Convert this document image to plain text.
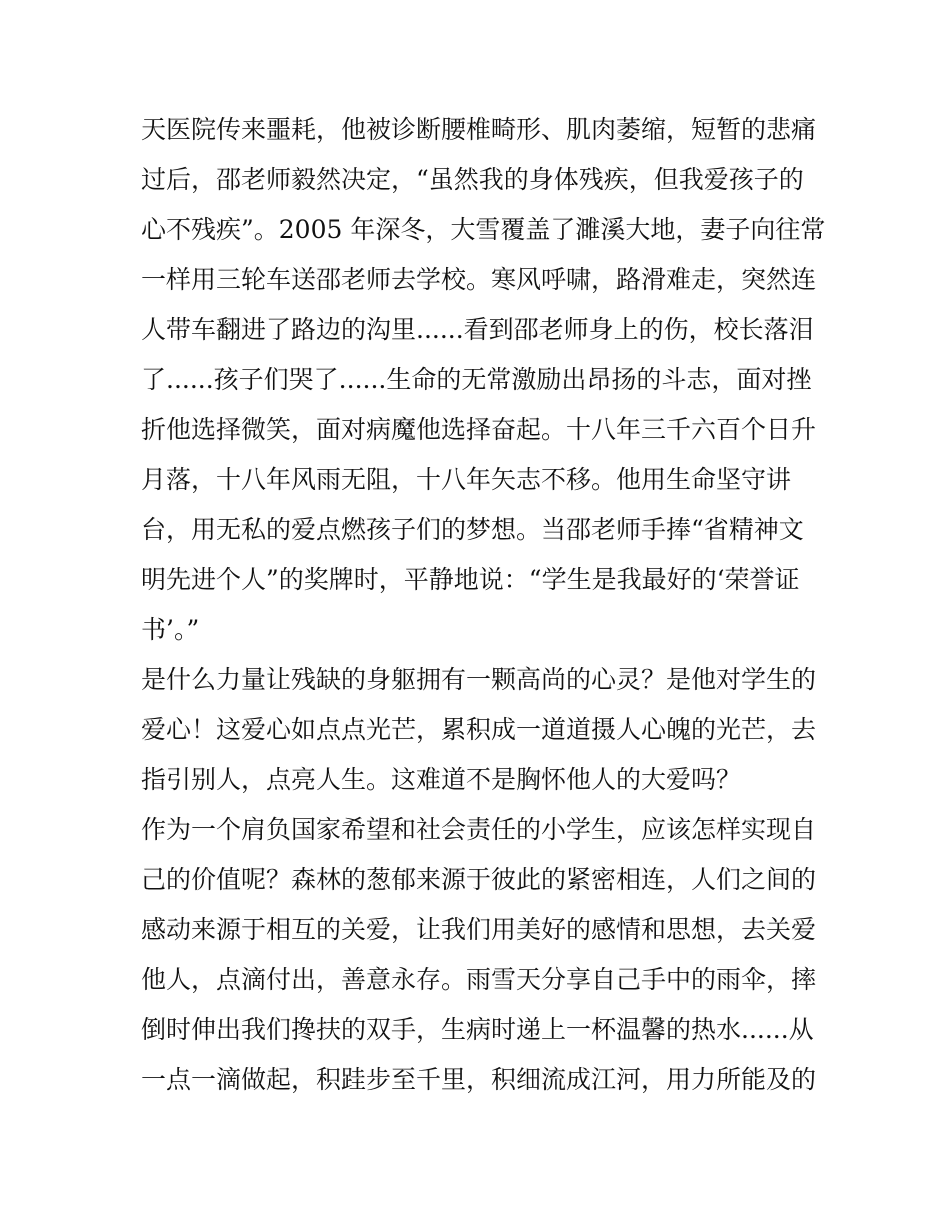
天医院传来噩耗，他被诊断腰椎畸形、肌肉萎缩，短暂的悲痛
过后，邵老师毅然决定，“虽然我的身体残疾，但我爱孩子的
心不残疾”。2005 年深冬，大雪覆盖了濉溪大地，妻子向往常
一样用三轮车送邵老师去学校。寒风呼啸，路滑难走，突然连
人带车翻进了路边的沟里......看到邵老师身上的伤，校长落泪
了......孩子们哭了......生命的无常激励出昂扬的斗志，面对挫
折他选择微笑，面对病魔他选择奋起。十八年三千六百个日升
月落，十八年风雨无阻，十八年矢志不移。他用生命坚守讲
台，用无私的爱点燃孩子们的梦想。当邵老师手捧“省精神文
明先进个人”的奖牌时，平静地说：“学生是我最好的‘荣誉证
书’。”
是什么力量让残缺的身躯拥有一颗高尚的心灵？是他对学生的
爱心！这爱心如点点光芒，累积成一道道摄人心魄的光芒，去
指引别人，点亮人生。这难道不是胸怀他人的大爱吗？
作为一个肩负国家希望和社会责任的小学生，应该怎样实现自
己的价值呢？森林的葱郁来源于彼此的紧密相连，人们之间的
感动来源于相互的关爱，让我们用美好的感情和思想，去关爱
他人，点滴付出，善意永存。雨雪天分享自己手中的雨伞，摔
倒时伸出我们搀扶的双手，生病时递上一杯温馨的热水......从
一点一滴做起，积跬步至千里，积细流成江河，用力所能及的
